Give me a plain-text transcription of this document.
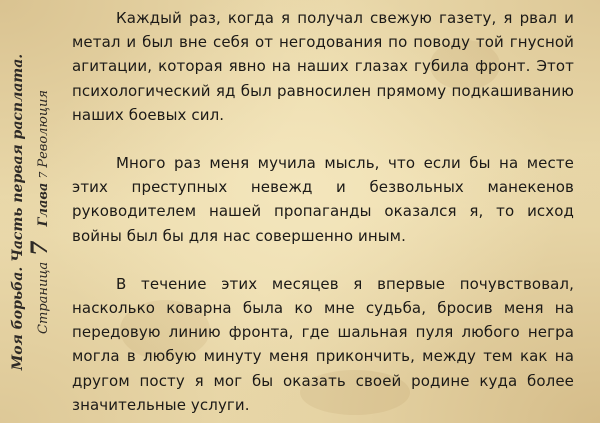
Моя борьба. Часть первая расплата.
Страница7Глава7Революция

Каждый раз, когда я получал свежую газету, я рвал и метал и был вне себя от негодования по поводу той гнусной агитации, которая явно на наших глазах губила фронт. Этот психологический яд был равносилен прямому подкашиванию наших боевых сил.

Много раз меня мучила мысль, что если бы на месте этих преступных невежд и безвольных манекенов руководителем нашей пропаганды оказался я, то исход войны был бы для нас совершенно иным.

В течение этих месяцев я впервые почувствовал, насколько коварна была ко мне судьба, бросив меня на передовую линию фронта, где шальная пуля любого негра могла в любую минуту меня прикончить, между тем как на другом посту я мог бы оказать своей родине куда более значительные услуги.
